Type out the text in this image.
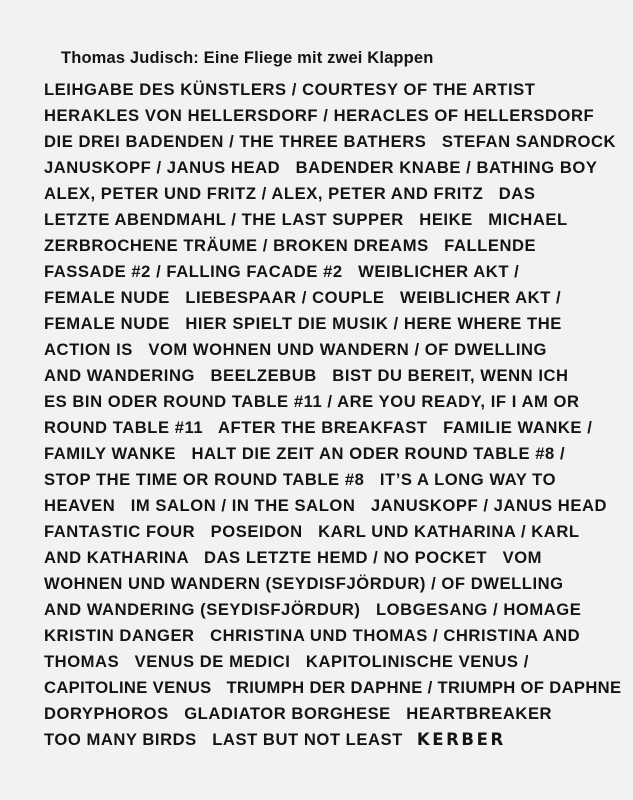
Thomas Judisch: Eine Fliege mit zwei Klappen
LEIHGABE DES KÜNSTLERS / COURTESY OF THE ARTIST
HERAKLES VON HELLERSDORF / HERACLES OF HELLERSDORF
DIE DREI BADENDEN / THE THREE BATHERS   STEFAN SANDROCK
JANUSKOPF / JANUS HEAD   BADENDER KNABE / BATHING BOY
ALEX, PETER UND FRITZ / ALEX, PETER AND FRITZ   DAS
LETZTE ABENDMAHL / THE LAST SUPPER   HEIKE   MICHAEL
ZERBROCHENE TRÄUME / BROKEN DREAMS   FALLENDE
FASSADE #2 / FALLING FACADE #2   WEIBLICHER AKT /
FEMALE NUDE   LIEBESPAAR / COUPLE   WEIBLICHER AKT /
FEMALE NUDE   HIER SPIELT DIE MUSIK / HERE WHERE THE
ACTION IS   VOM WOHNEN UND WANDERN / OF DWELLING
AND WANDERING   BEELZEBUB   BIST DU BEREIT, WENN ICH
ES BIN ODER ROUND TABLE #11 / ARE YOU READY, IF I AM OR
ROUND TABLE #11   AFTER THE BREAKFAST   FAMILIE WANKE /
FAMILY WANKE   HALT DIE ZEIT AN ODER ROUND TABLE #8 /
STOP THE TIME OR ROUND TABLE #8   IT’S A LONG WAY TO
HEAVEN   IM SALON / IN THE SALON   JANUSKOPF / JANUS HEAD
FANTASTIC FOUR   POSEIDON   KARL UND KATHARINA / KARL
AND KATHARINA   DAS LETZTE HEMD / NO POCKET   VOM
WOHNEN UND WANDERN (SEYDISFJÖRDUR) / OF DWELLING
AND WANDERING (SEYDISFJÖRDUR)   LOBGESANG / HOMAGE
KRISTIN DANGER   CHRISTINA UND THOMAS / CHRISTINA AND
THOMAS   VENUS DE MEDICI   KAPITOLINISCHE VENUS /
CAPITOLINE VENUS   TRIUMPH DER DAPHNE / TRIUMPH OF DAPHNE
DORYPHOROS   GLADIATOR BORGHESE   HEARTBREAKER
TOO MANY BIRDS   LAST BUT NOT LEAST KERBER
